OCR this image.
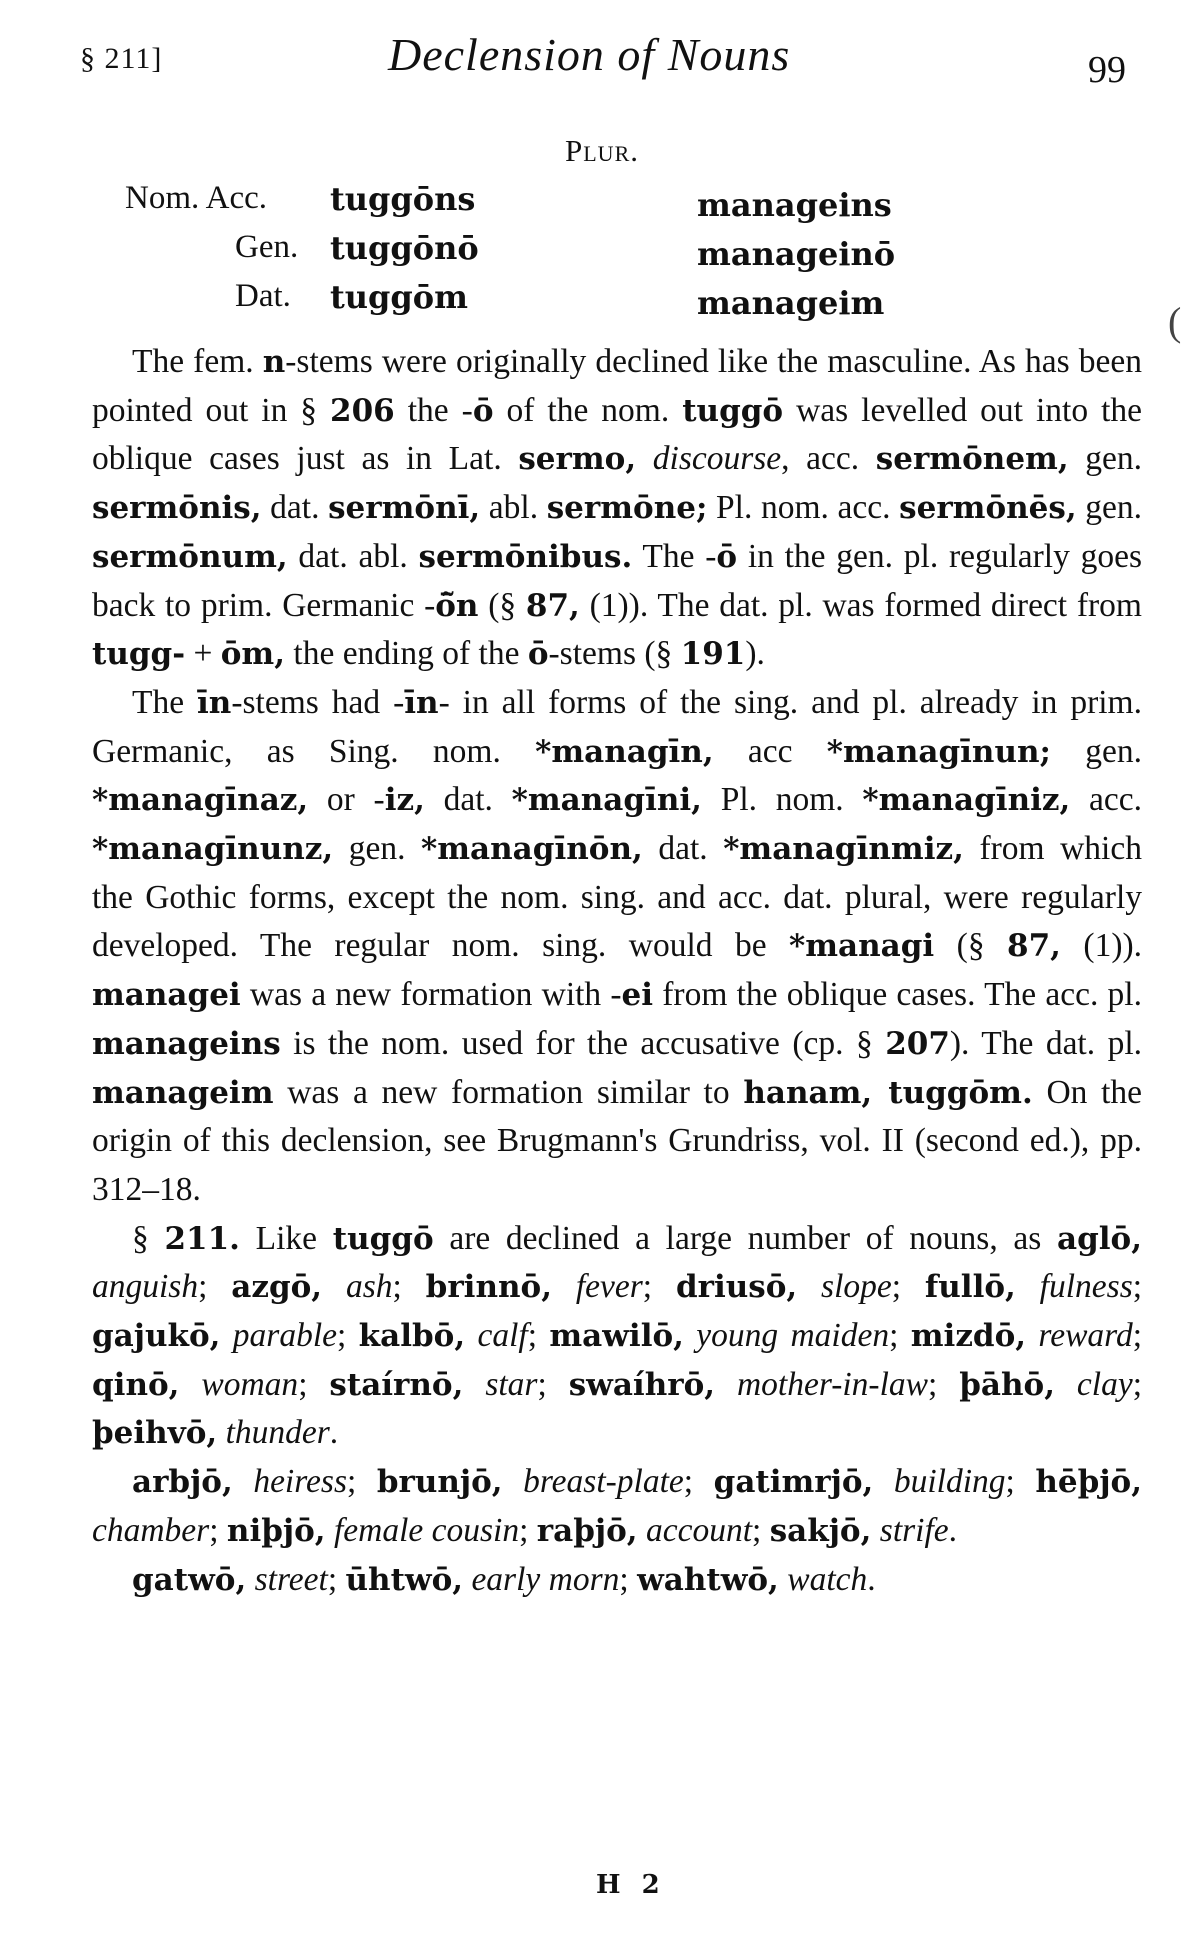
§ 211]	Declension of Nouns	99
Plur.
Nom. Acc. tuggōns	manageins
Gen. tuggōnō	manageinō
Dat. tuggōm	manageim	(

The fem. n-stems were originally declined like the masculine. As has been pointed out in § 206 the -ō of the nom. tuggō was levelled out into the oblique cases just as in Lat. sermo, discourse, acc. sermōnem, gen. sermōnis, dat. sermōnī, abl. sermōne; Pl. nom. acc. sermōnēs, gen. sermōnum, dat. abl. sermōnibus. The -ō in the gen. pl. regularly goes back to prim. Germanic -ō̃n (§ 87, (1)). The dat. pl. was formed direct from tugg- + ōm, the ending of the ō-stems (§ 191).

The īn-stems had -īn- in all forms of the sing. and pl. already in prim. Germanic, as Sing. nom. *managīn, acc *managīnun; gen. *managīnaz, or -iz, dat. *managīni, Pl. nom. *managīniz, acc. *managīnunz, gen. *managīnōn, dat. *managīnmiz, from which the Gothic forms, except the nom. sing. and acc. dat. plural, were regularly developed. The regular nom. sing. would be *managi (§ 87, (1)). managei was a new formation with -ei from the oblique cases. The acc. pl. manageins is the nom. used for the accusative (cp. § 207). The dat. pl. manageim was a new formation similar to hanam, tuggōm. On the origin of this declension, see Brugmann's Grundriss, vol. II (second ed.), pp. 312–18.

§ 211. Like tuggō are declined a large number of nouns, as aglō, anguish; azgō, ash; brinnō, fever; driusō, slope; fullō, fulness; gajukō, parable; kalbō, calf; mawilō, young maiden; mizdō, reward; qinō, woman; staírnō, star; swaíhrō, mother-in-law; þāhō, clay; þeihvō, thunder.

arbjō, heiress; brunjō, breast-plate; gatimrjō, building; hēþjō, chamber; niþjō, female cousin; raþjō, account; sakjō, strife.

gatwō, street; ūhtwō, early morn; wahtwō, watch.

H 2
